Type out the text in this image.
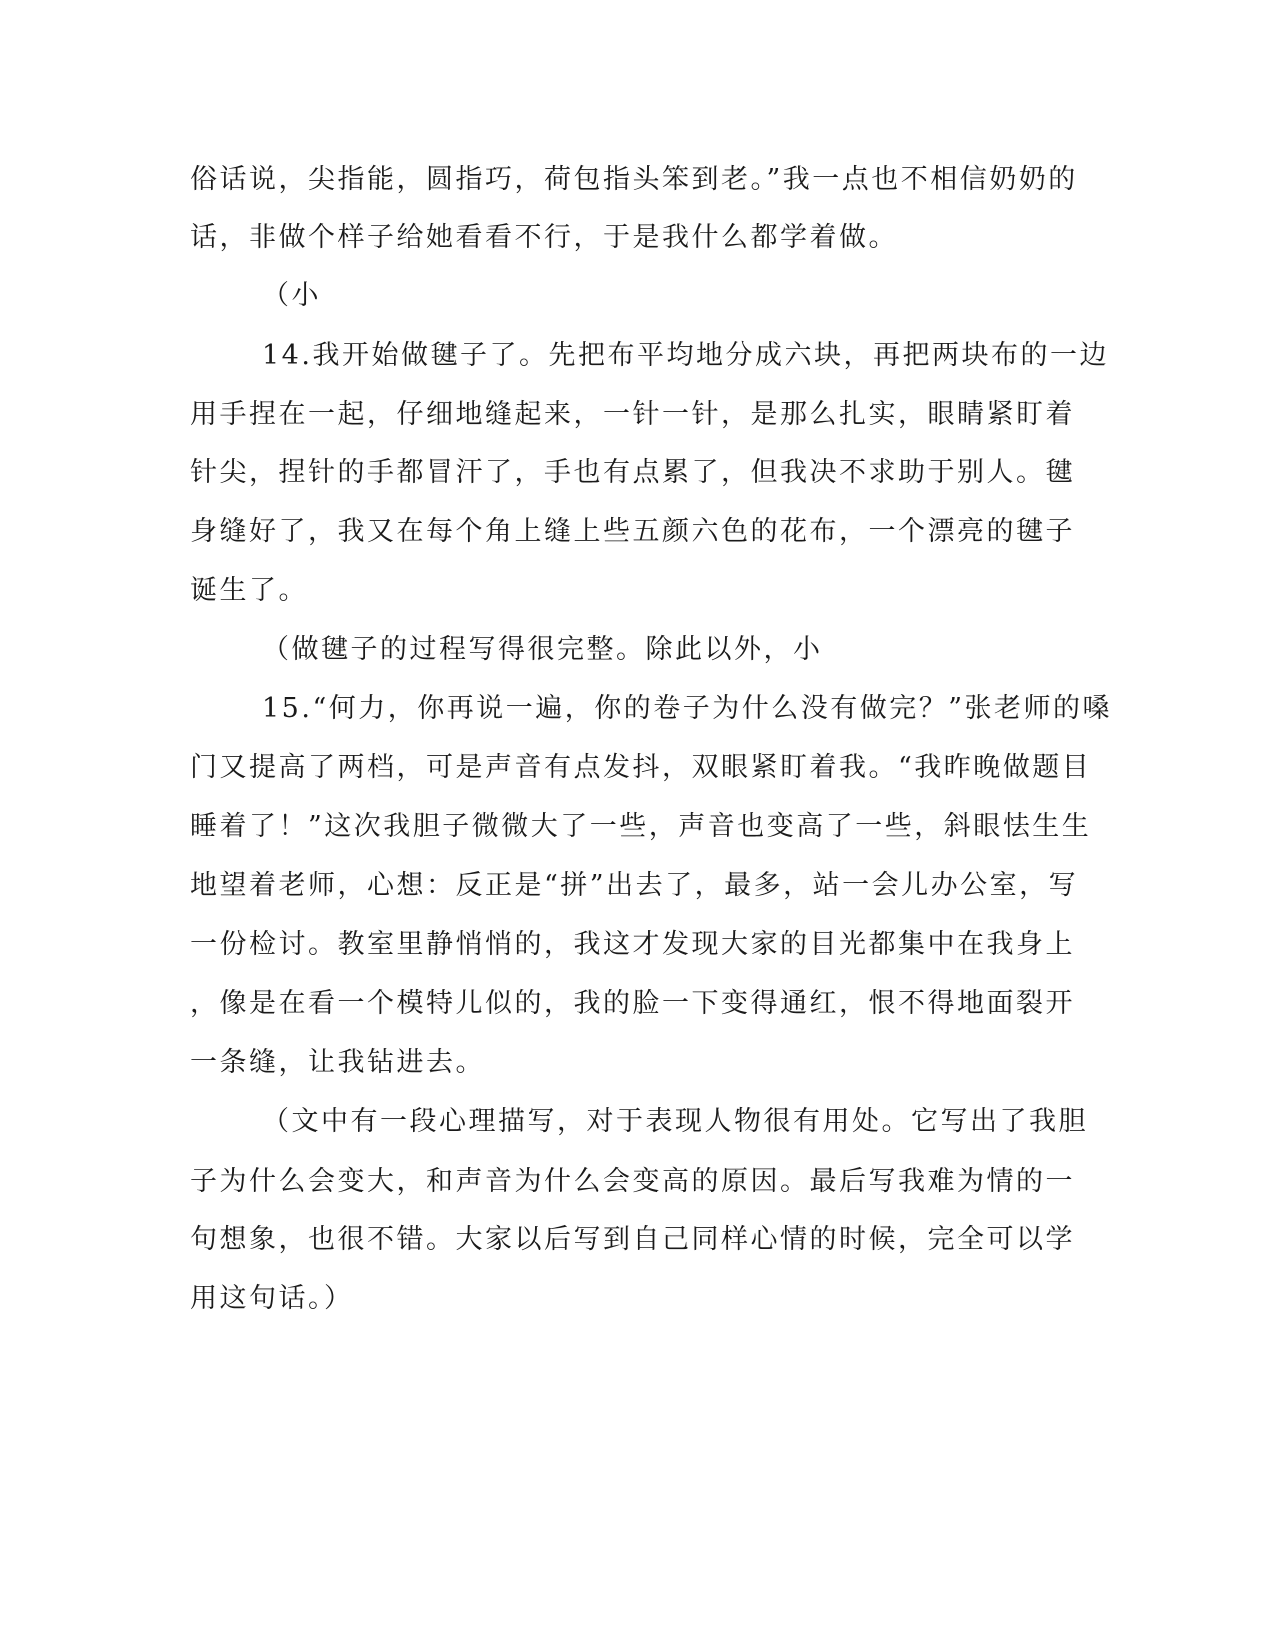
俗话说，尖指能，圆指巧，荷包指头笨到老。”我一点也不相信奶奶的
话，非做个样子给她看看不行，于是我什么都学着做。
（小
14.我开始做毽子了。先把布平均地分成六块，再把两块布的一边
用手捏在一起，仔细地缝起来，一针一针，是那么扎实，眼睛紧盯着
针尖，捏针的手都冒汗了，手也有点累了，但我决不求助于别人。毽
身缝好了，我又在每个角上缝上些五颜六色的花布，一个漂亮的毽子
诞生了。
（做毽子的过程写得很完整。除此以外，小
15.“何力，你再说一遍，你的卷子为什么没有做完？”张老师的嗓
门又提高了两档，可是声音有点发抖，双眼紧盯着我。“我昨晚做题目
睡着了！”这次我胆子微微大了一些，声音也变高了一些，斜眼怯生生
地望着老师，心想：反正是“拼”出去了，最多，站一会儿办公室，写
一份检讨。教室里静悄悄的，我这才发现大家的目光都集中在我身上
，像是在看一个模特儿似的，我的脸一下变得通红，恨不得地面裂开
一条缝，让我钻进去。
（文中有一段心理描写，对于表现人物很有用处。它写出了我胆
子为什么会变大，和声音为什么会变高的原因。最后写我难为情的一
句想象，也很不错。大家以后写到自己同样心情的时候，完全可以学
用这句话。）
